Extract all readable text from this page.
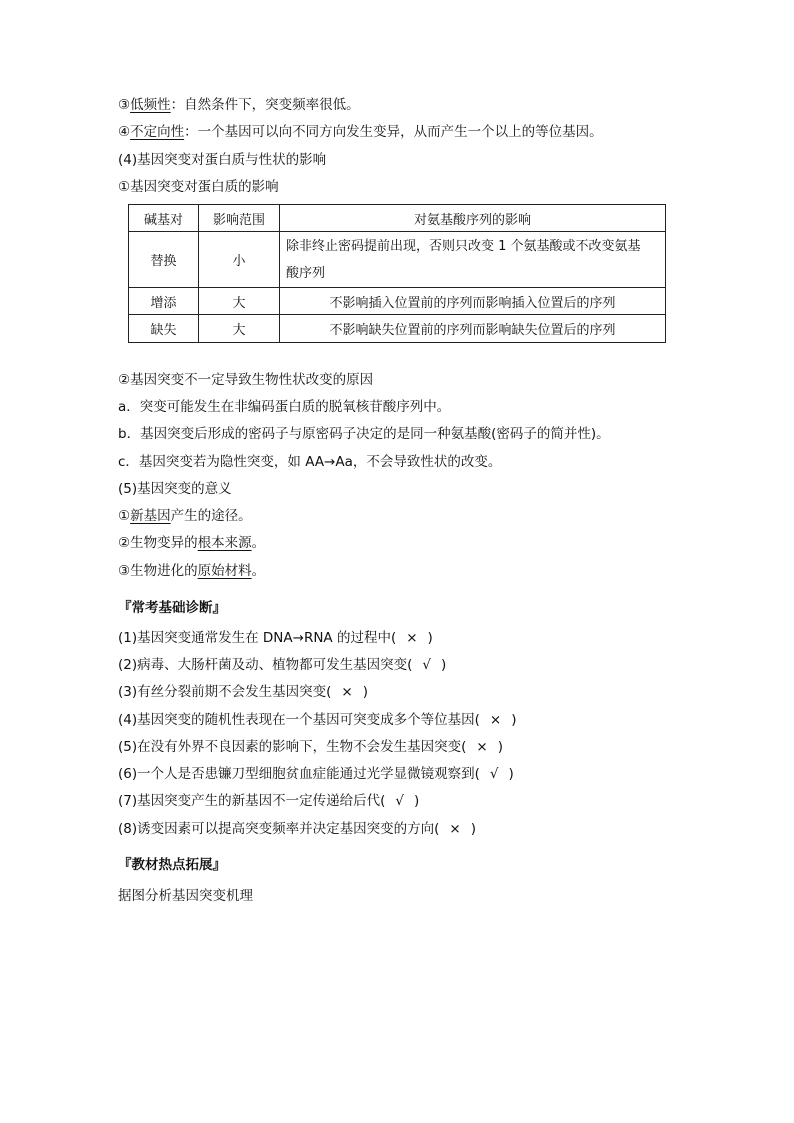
③低频性：自然条件下，突变频率很低。
④不定向性：一个基因可以向不同方向发生变异，从而产生一个以上的等位基因。
(4)基因突变对蛋白质与性状的影响
①基因突变对蛋白质的影响
碱基对	影响范围	对氨基酸序列的影响
替换	小	除非终止密码提前出现，否则只改变 1 个氨基酸或不改变氨基
酸序列

增添	大	不影响插入位置前的序列而影响插入位置后的序列
缺失	大	不影响缺失位置前的序列而影响缺失位置后的序列
②基因突变不一定导致生物性状改变的原因
a．突变可能发生在非编码蛋白质的脱氧核苷酸序列中。
b．基因突变后形成的密码子与原密码子决定的是同一种氨基酸(密码子的简并性)。
c．基因突变若为隐性突变，如 AA→Aa，不会导致性状的改变。
(5)基因突变的意义
①新基因产生的途径。
②生物变异的根本来源。
③生物进化的原始材料。
『常考基础诊断』
(1)基因突变通常发生在 DNA→RNA 的过程中( × )
(2)病毒、大肠杆菌及动、植物都可发生基因突变( √ )
(3)有丝分裂前期不会发生基因突变( × )
(4)基因突变的随机性表现在一个基因可突变成多个等位基因( × )
(5)在没有外界不良因素的影响下，生物不会发生基因突变( × )
(6)一个人是否患镰刀型细胞贫血症能通过光学显微镜观察到( √ )
(7)基因突变产生的新基因不一定传递给后代( √ )
(8)诱变因素可以提高突变频率并决定基因突变的方向( × )
『教材热点拓展』
据图分析基因突变机理
